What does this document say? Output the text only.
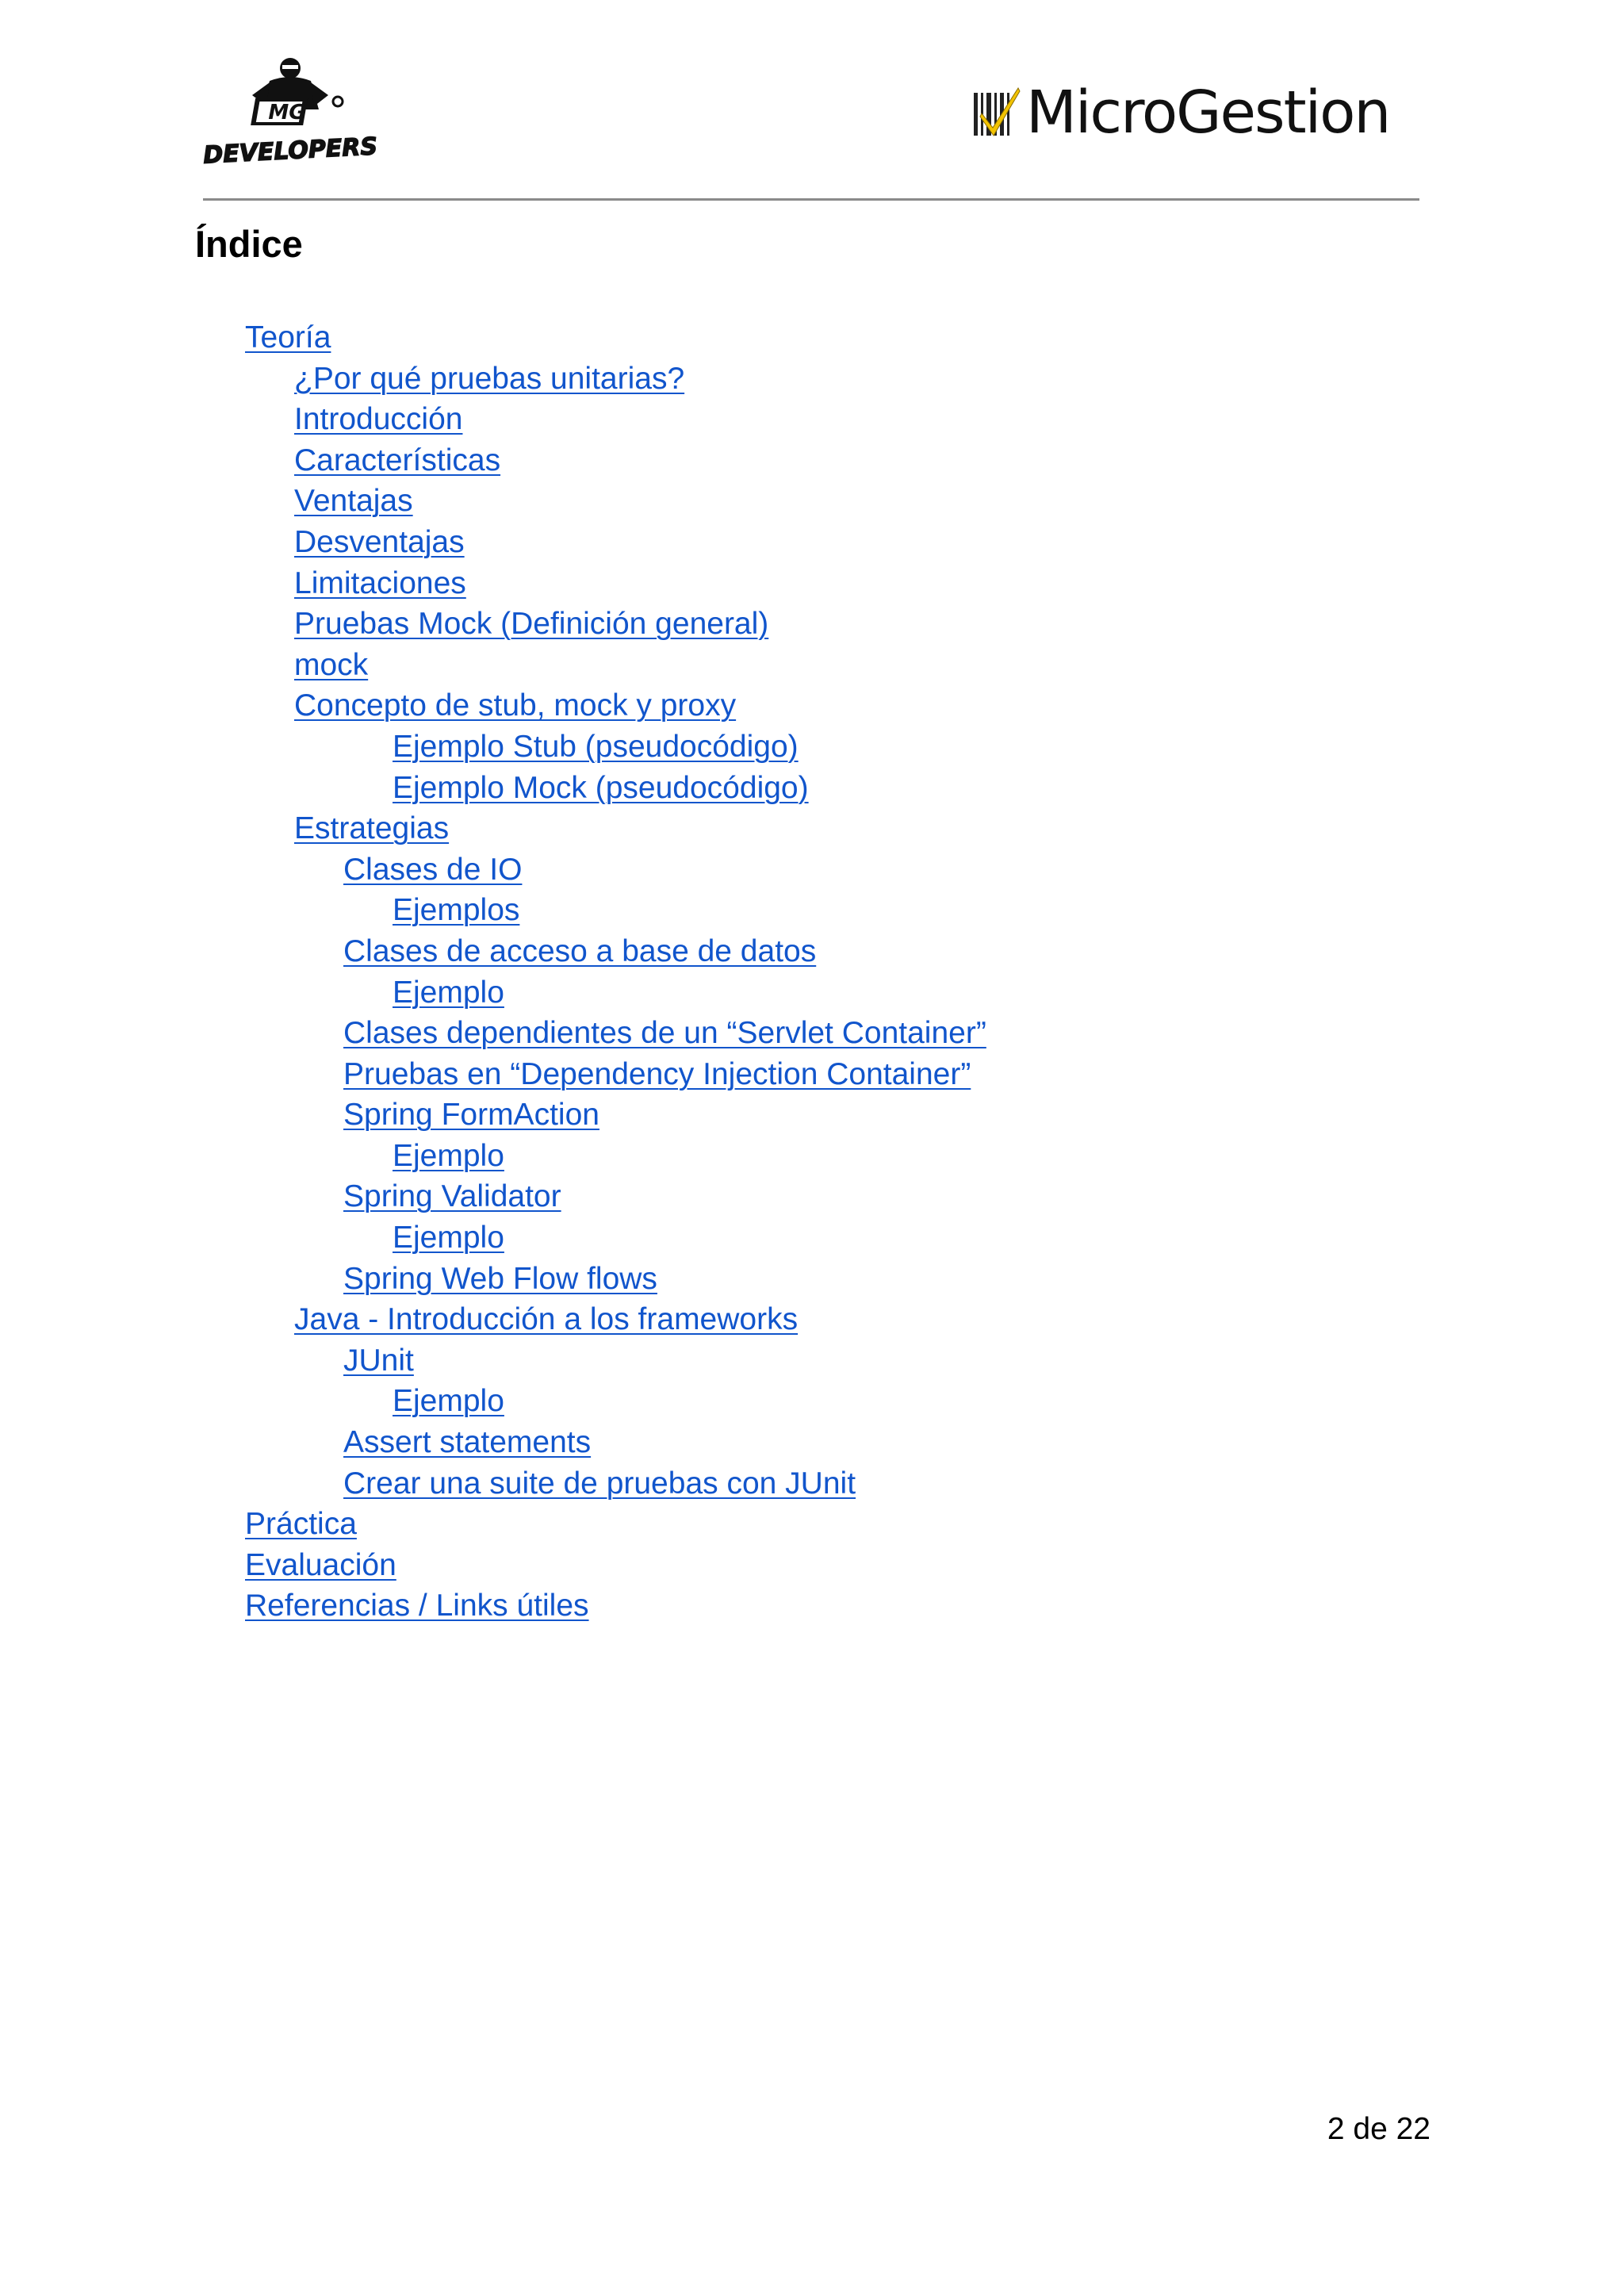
MG
DEVELOPERS
MicroGestion
Índice
Teoría
¿Por qué pruebas unitarias?
Introducción
Características
Ventajas
Desventajas
Limitaciones
Pruebas Mock (Definición general)
mock
Concepto de stub, mock y proxy
Ejemplo Stub (pseudocódigo)
Ejemplo Mock (pseudocódigo)
Estrategias
Clases de IO
Ejemplos
Clases de acceso a base de datos
Ejemplo
Clases dependientes de un “Servlet Container”
Pruebas en “Dependency Injection Container”
Spring FormAction
Ejemplo
Spring Validator
Ejemplo
Spring Web Flow flows
Java - Introducción a los frameworks
JUnit
Ejemplo
Assert statements
Crear una suite de pruebas con JUnit
Práctica
Evaluación
Referencias / Links útiles
2 de 22
